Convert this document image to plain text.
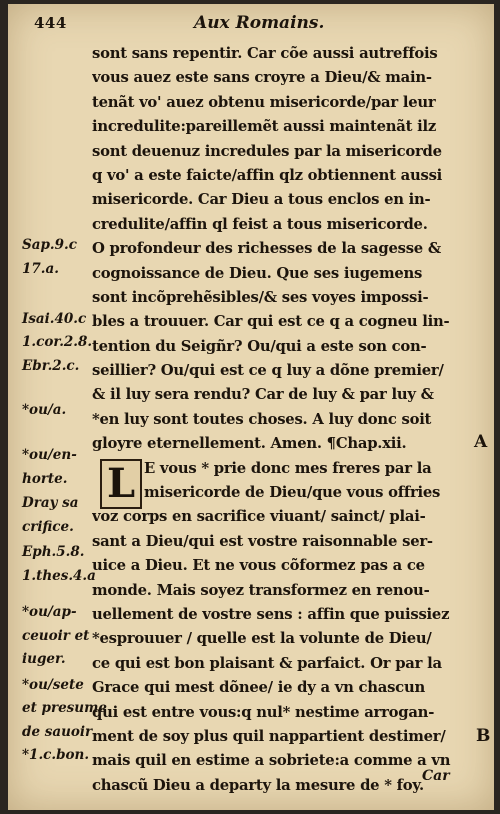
444	Aux Romains.
Sap.9.c
17.a.
Isai.40.c
1.cor.2.8.
Ebr.2.c.
*ou/a.
*ou/en-
horte.
Dray sa
crifice.
Eph.5.8.
1.thes.4.a
*ou/ap-
ceuoir et
iuger.
*ou/sete
et presume
de sauoir
*1.c.bon.
L
sont sans repentir. Car cõe aussi autreffois
vous auez este sans croyre a Dieu/& main-
tenãt vo' auez obtenu misericorde/par leur
incredulite:pareillemẽt aussi maintenãt ilz
sont deuenuz incredules par la misericorde
q vo' a este faicte/affin qlz obtiennent aussi
misericorde. Car Dieu a tous enclos en in-
credulite/affin ql feist a tous misericorde.
O profondeur des richesses de la sagesse &
cognoissance de Dieu. Que ses iugemens
sont incõprehẽsibles/& ses voyes impossi-
bles a trouuer. Car qui est ce q a cogneu lin-
tention du Seigñr? Ou/qui a este son con-
seillier? Ou/qui est ce q luy a dõne premier/
& il luy sera rendu? Car de luy & par luy &
*en luy sont toutes choses. A luy donc soit
gloyre eternellement. Amen. ¶Chap.xii.
E vous * prie donc mes freres par la
misericorde de Dieu/que vous offries
voz corps en sacrifice viuant/ sainct/ plai-
sant a Dieu/qui est vostre raisonnable ser-
uice a Dieu. Et ne vous cõformez pas a ce
monde. Mais soyez transformez en renou-
uellement de vostre sens : affin que puissiez
*esprouuer / quelle est la volunte de Dieu/
ce qui est bon plaisant & parfaict. Or par la
Grace qui mest dõnee/ ie dy a vn chascun
qui est entre vous:q nul* nestime arrogan-
ment de soy plus quil nappartient destimer/
mais quil en estime a sobriete:a comme a vn
chascũ Dieu a departy la mesure de * foy.
A
B
Car
